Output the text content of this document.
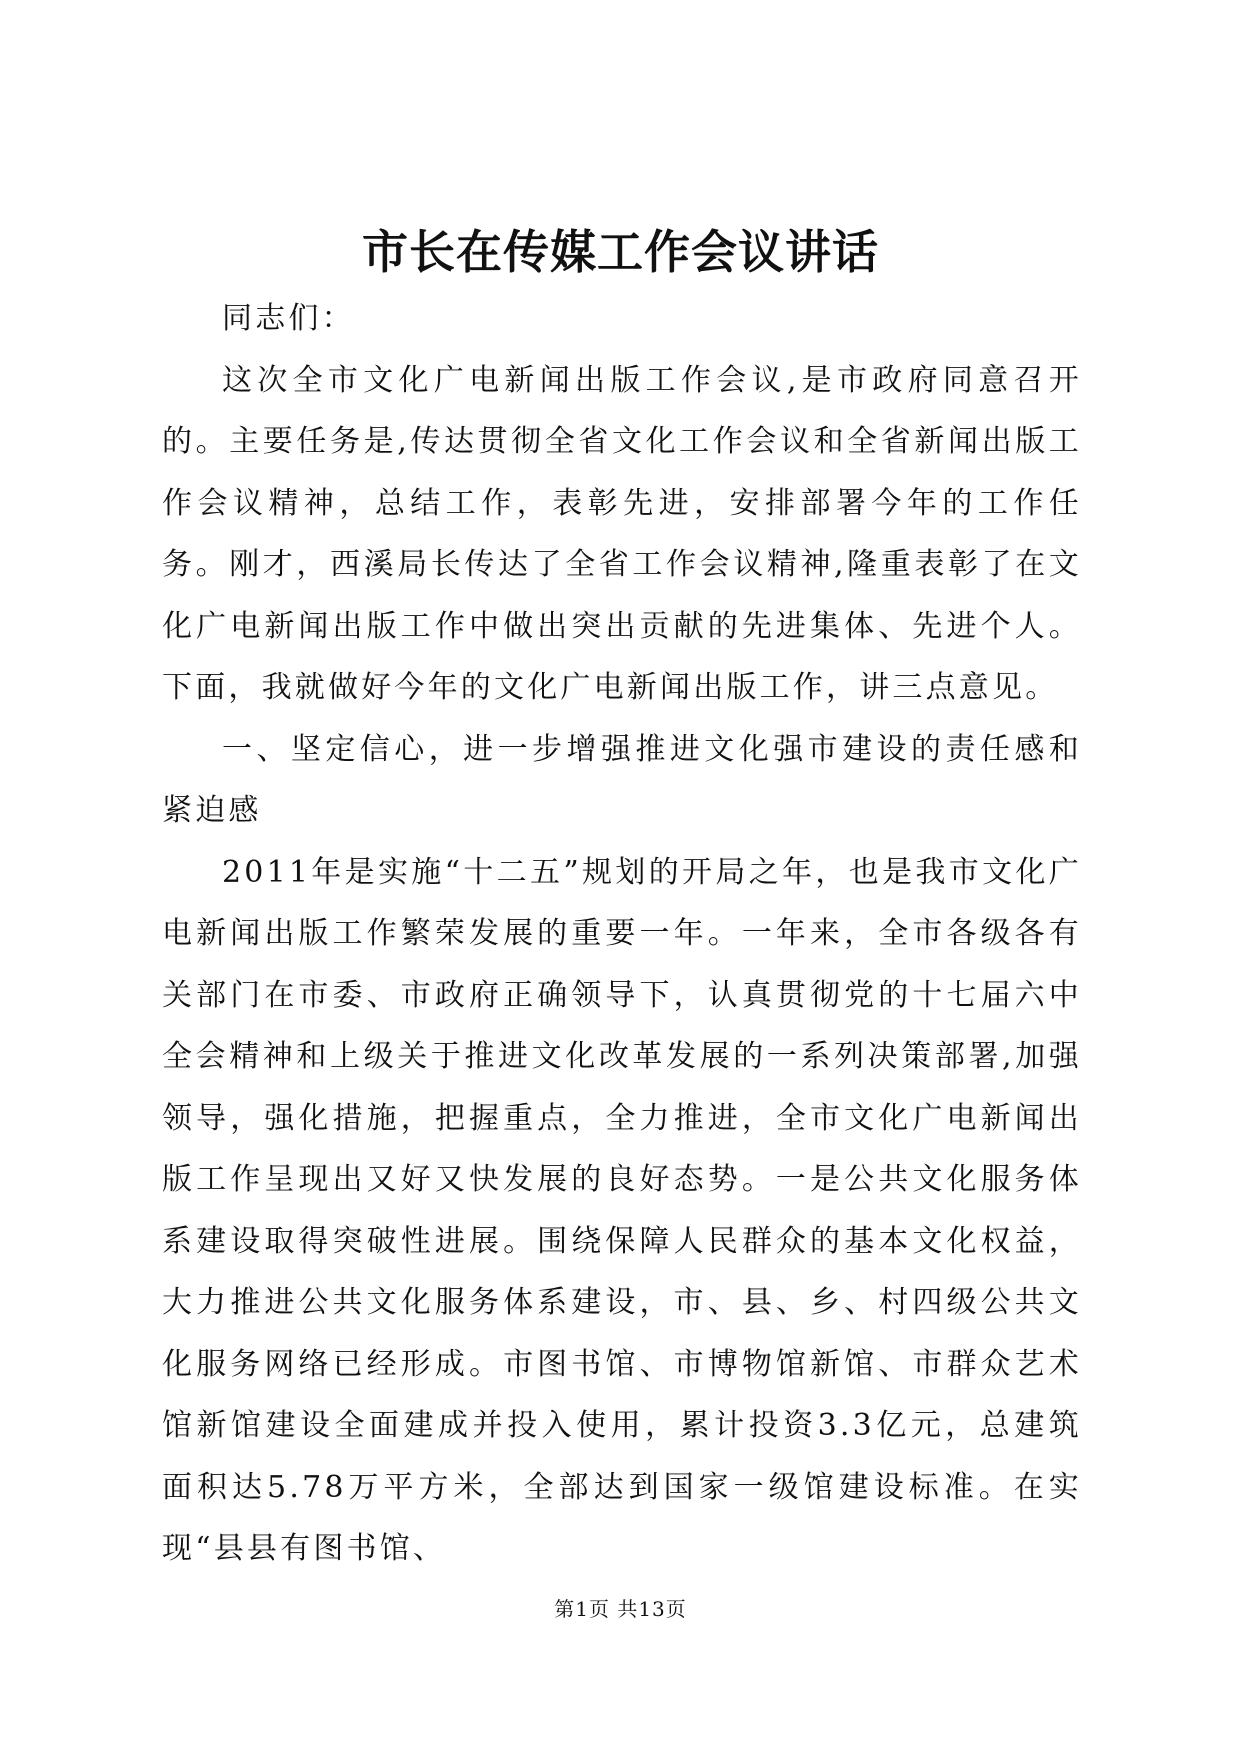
市长在传媒工作会议讲话

同志们：

这次全市文化广电新闻出版工作会议,是市政府同意召开的。主要任务是,传达贯彻全省文化工作会议和全省新闻出版工作会议精神，总结工作，表彰先进，安排部署今年的工作任务。刚才，西溪局长传达了全省工作会议精神,隆重表彰了在文化广电新闻出版工作中做出突出贡献的先进集体、先进个人。下面，我就做好今年的文化广电新闻出版工作，讲三点意见。

一、坚定信心，进一步增强推进文化强市建设的责任感和紧迫感

2011年是实施“十二五”规划的开局之年，也是我市文化广电新闻出版工作繁荣发展的重要一年。一年来，全市各级各有关部门在市委、市政府正确领导下，认真贯彻党的十七届六中全会精神和上级关于推进文化改革发展的一系列决策部署,加强领导，强化措施，把握重点，全力推进，全市文化广电新闻出版工作呈现出又好又快发展的良好态势。一是公共文化服务体系建设取得突破性进展。围绕保障人民群众的基本文化权益，大力推进公共文化服务体系建设，市、县、乡、村四级公共文化服务网络已经形成。市图书馆、市博物馆新馆、市群众艺术馆新馆建设全面建成并投入使用，累计投资3.3亿元，总建筑面积达5.78万平方米，全部达到国家一级馆建设标准。在实现“县县有图书馆、

第1页 共13页
